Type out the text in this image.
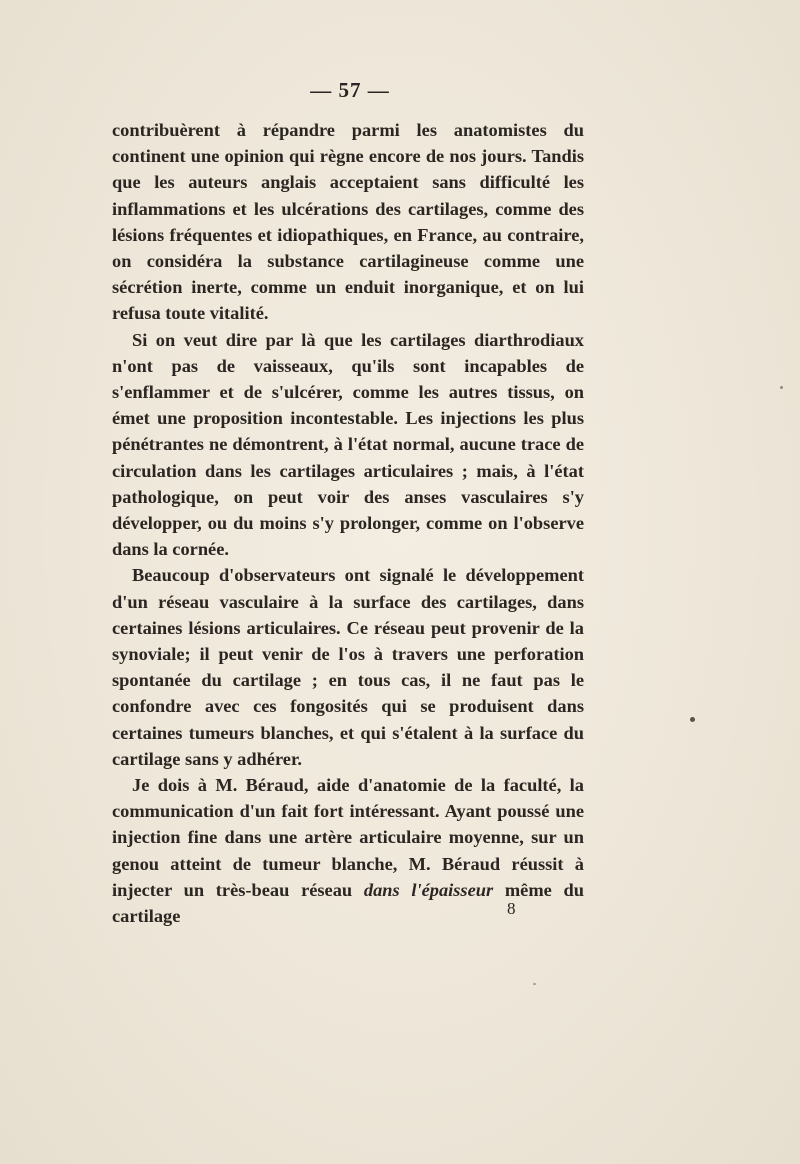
— 57 —

contribuèrent à répandre parmi les anatomistes du continent une opinion qui règne encore de nos jours. Tandis que les auteurs anglais acceptaient sans difficulté les inflammations et les ulcérations des cartilages, comme des lésions fréquentes et idiopathiques, en France, au contraire, on considéra la substance cartilagineuse comme une sécrétion inerte, comme un enduit inorganique, et on lui refusa toute vitalité.

Si on veut dire par là que les cartilages diarthrodiaux n'ont pas de vaisseaux, qu'ils sont incapables de s'enflammer et de s'ulcérer, comme les autres tissus, on émet une proposition incontestable. Les injections les plus pénétrantes ne démontrent, à l'état normal, aucune trace de circulation dans les cartilages articulaires ; mais, à l'état pathologique, on peut voir des anses vasculaires s'y développer, ou du moins s'y prolonger, comme on l'observe dans la cornée.

Beaucoup d'observateurs ont signalé le développement d'un réseau vasculaire à la surface des cartilages, dans certaines lésions articulaires. Ce réseau peut provenir de la synoviale; il peut venir de l'os à travers une perforation spontanée du cartilage ; en tous cas, il ne faut pas le confondre avec ces fongosités qui se produisent dans certaines tumeurs blanches, et qui s'étalent à la surface du cartilage sans y adhérer.

Je dois à M. Béraud, aide d'anatomie de la faculté, la communication d'un fait fort intéressant. Ayant poussé une injection fine dans une artère articulaire moyenne, sur un genou atteint de tumeur blanche, M. Béraud réussit à injecter un très-beau réseau dans l'épaisseur même du cartilage	8
